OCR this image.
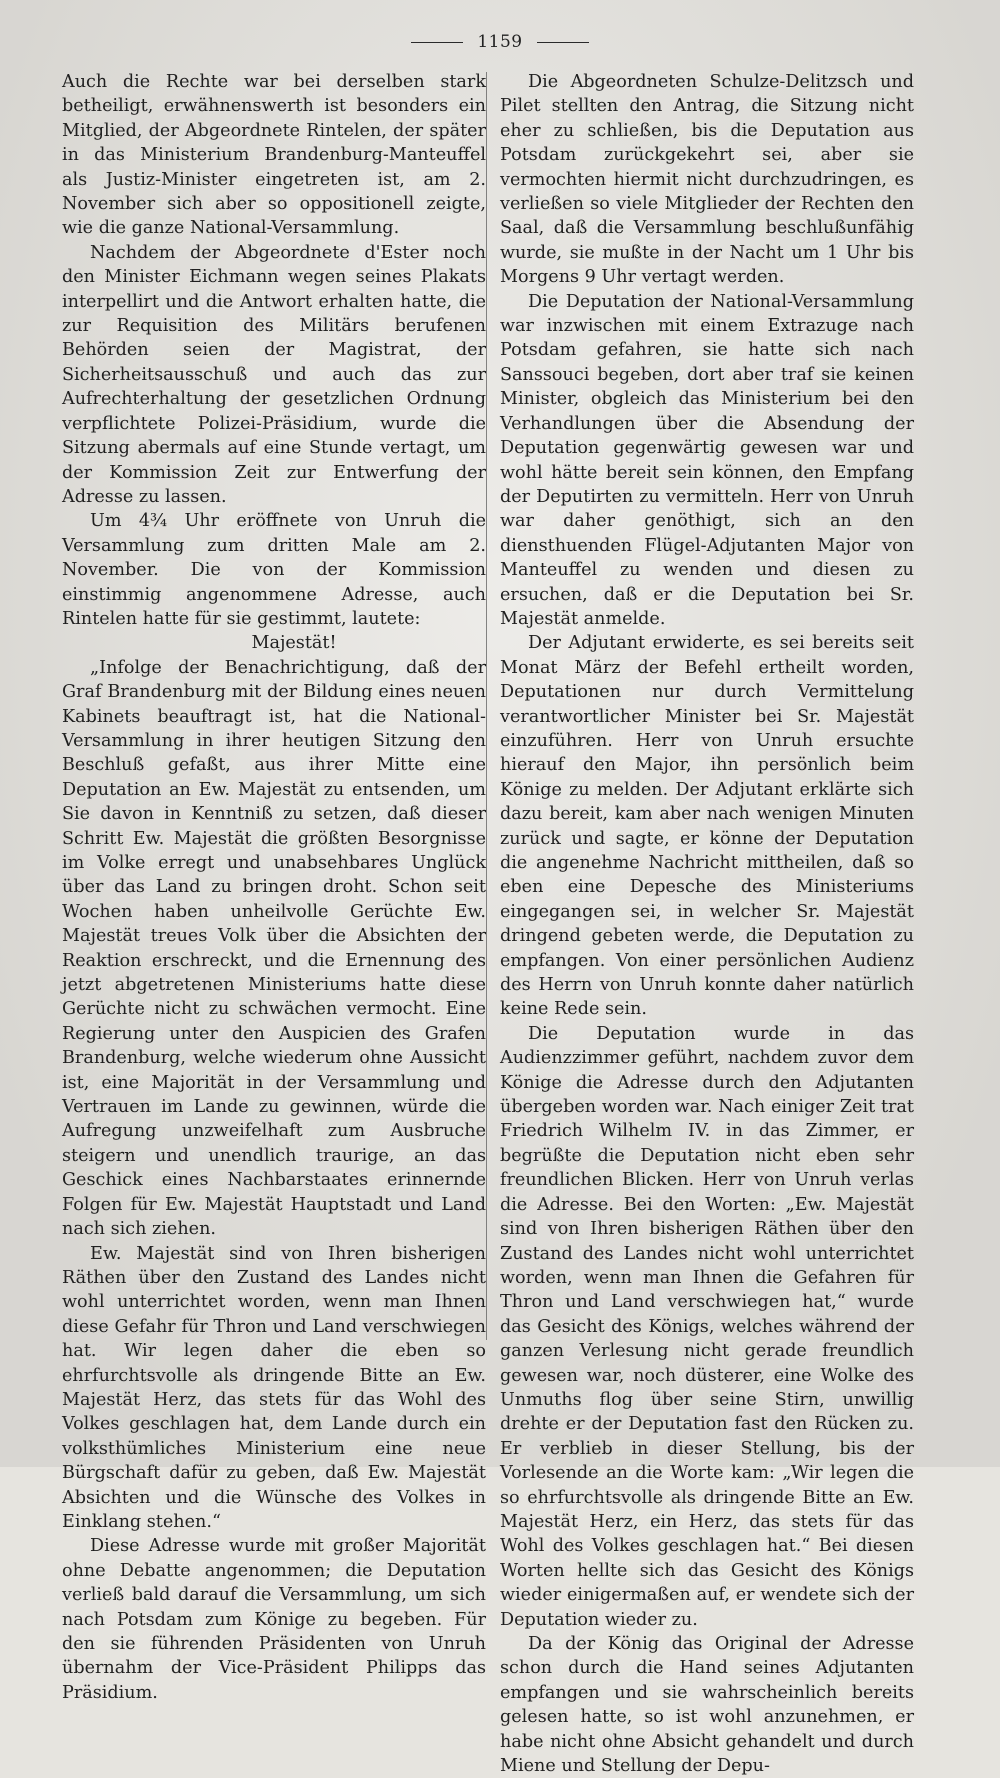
1159

Auch die Rechte war bei derselben stark betheiligt, erwähnenswerth ist besonders ein Mitglied, der Abgeordnete Rintelen, der später in das Ministerium Brandenburg-Manteuffel als Justiz-Minister eingetreten ist, am 2. November sich aber so oppositionell zeigte, wie die ganze National-Versammlung.

Nachdem der Abgeordnete d'Ester noch den Minister Eichmann wegen seines Plakats interpellirt und die Antwort erhalten hatte, die zur Requisition des Militärs berufenen Behörden seien der Magistrat, der Sicherheitsausschuß und auch das zur Aufrechterhaltung der gesetzlichen Ordnung verpflichtete Polizei-Präsidium, wurde die Sitzung abermals auf eine Stunde vertagt, um der Kommission Zeit zur Entwerfung der Adresse zu lassen.

Um 4¾ Uhr eröffnete von Unruh die Versammlung zum dritten Male am 2. November. Die von der Kommission einstimmig angenommene Adresse, auch Rintelen hatte für sie gestimmt, lautete:

Majestät!

„Infolge der Benachrichtigung, daß der Graf Brandenburg mit der Bildung eines neuen Kabinets beauftragt ist, hat die National-Versammlung in ihrer heutigen Sitzung den Beschluß gefaßt, aus ihrer Mitte eine Deputation an Ew. Majestät zu entsenden, um Sie davon in Kenntniß zu setzen, daß dieser Schritt Ew. Majestät die größten Besorgnisse im Volke erregt und unabsehbares Unglück über das Land zu bringen droht. Schon seit Wochen haben unheilvolle Gerüchte Ew. Majestät treues Volk über die Absichten der Reaktion erschreckt, und die Ernennung des jetzt abgetretenen Ministeriums hatte diese Gerüchte nicht zu schwächen vermocht. Eine Regierung unter den Auspicien des Grafen Brandenburg, welche wiederum ohne Aussicht ist, eine Majorität in der Versammlung und Vertrauen im Lande zu gewinnen, würde die Aufregung unzweifelhaft zum Ausbruche steigern und unendlich traurige, an das Geschick eines Nachbarstaates erinnernde Folgen für Ew. Majestät Hauptstadt und Land nach sich ziehen.

Ew. Majestät sind von Ihren bisherigen Räthen über den Zustand des Landes nicht wohl unterrichtet worden, wenn man Ihnen diese Gefahr für Thron und Land verschwiegen hat. Wir legen daher die eben so ehrfurchtsvolle als dringende Bitte an Ew. Majestät Herz, das stets für das Wohl des Volkes geschlagen hat, dem Lande durch ein volksthümliches Ministerium eine neue Bürgschaft dafür zu geben, daß Ew. Majestät Absichten und die Wünsche des Volkes in Einklang stehen.“

Diese Adresse wurde mit großer Majorität ohne Debatte angenommen; die Deputation verließ bald darauf die Versammlung, um sich nach Potsdam zum Könige zu begeben. Für den sie führenden Präsidenten von Unruh übernahm der Vice-Präsident Philipps das Präsidium.

Die Abgeordneten Schulze-Delitzsch und Pilet stellten den Antrag, die Sitzung nicht eher zu schließen, bis die Deputation aus Potsdam zurückgekehrt sei, aber sie vermochten hiermit nicht durchzudringen, es verließen so viele Mitglieder der Rechten den Saal, daß die Versammlung beschlußunfähig wurde, sie mußte in der Nacht um 1 Uhr bis Morgens 9 Uhr vertagt werden.

Die Deputation der National-Versammlung war inzwischen mit einem Extrazuge nach Potsdam gefahren, sie hatte sich nach Sanssouci begeben, dort aber traf sie keinen Minister, obgleich das Ministerium bei den Verhandlungen über die Absendung der Deputation gegenwärtig gewesen war und wohl hätte bereit sein können, den Empfang der Deputirten zu vermitteln. Herr von Unruh war daher genöthigt, sich an den diensthuenden Flügel-Adjutanten Major von Manteuffel zu wenden und diesen zu ersuchen, daß er die Deputation bei Sr. Majestät anmelde.

Der Adjutant erwiderte, es sei bereits seit Monat März der Befehl ertheilt worden, Deputationen nur durch Vermittelung verantwortlicher Minister bei Sr. Majestät einzuführen. Herr von Unruh ersuchte hierauf den Major, ihn persönlich beim Könige zu melden. Der Adjutant erklärte sich dazu bereit, kam aber nach wenigen Minuten zurück und sagte, er könne der Deputation die angenehme Nachricht mittheilen, daß so eben eine Depesche des Ministeriums eingegangen sei, in welcher Sr. Majestät dringend gebeten werde, die Deputation zu empfangen. Von einer persönlichen Audienz des Herrn von Unruh konnte daher natürlich keine Rede sein.

Die Deputation wurde in das Audienzzimmer geführt, nachdem zuvor dem Könige die Adresse durch den Adjutanten übergeben worden war. Nach einiger Zeit trat Friedrich Wilhelm IV. in das Zimmer, er begrüßte die Deputation nicht eben sehr freundlichen Blicken. Herr von Unruh verlas die Adresse. Bei den Worten: „Ew. Majestät sind von Ihren bisherigen Räthen über den Zustand des Landes nicht wohl unterrichtet worden, wenn man Ihnen die Gefahren für Thron und Land verschwiegen hat,“ wurde das Gesicht des Königs, welches während der ganzen Verlesung nicht gerade freundlich gewesen war, noch düsterer, eine Wolke des Unmuths flog über seine Stirn, unwillig drehte er der Deputation fast den Rücken zu. Er verblieb in dieser Stellung, bis der Vorlesende an die Worte kam: „Wir legen die so ehrfurchtsvolle als dringende Bitte an Ew. Majestät Herz, ein Herz, das stets für das Wohl des Volkes geschlagen hat.“ Bei diesen Worten hellte sich das Gesicht des Königs wieder einigermaßen auf, er wendete sich der Deputation wieder zu.

Da der König das Original der Adresse schon durch die Hand seines Adjutanten empfangen und sie wahrscheinlich bereits gelesen hatte, so ist wohl anzunehmen, er habe nicht ohne Absicht gehandelt und durch Miene und Stellung der Depu-
